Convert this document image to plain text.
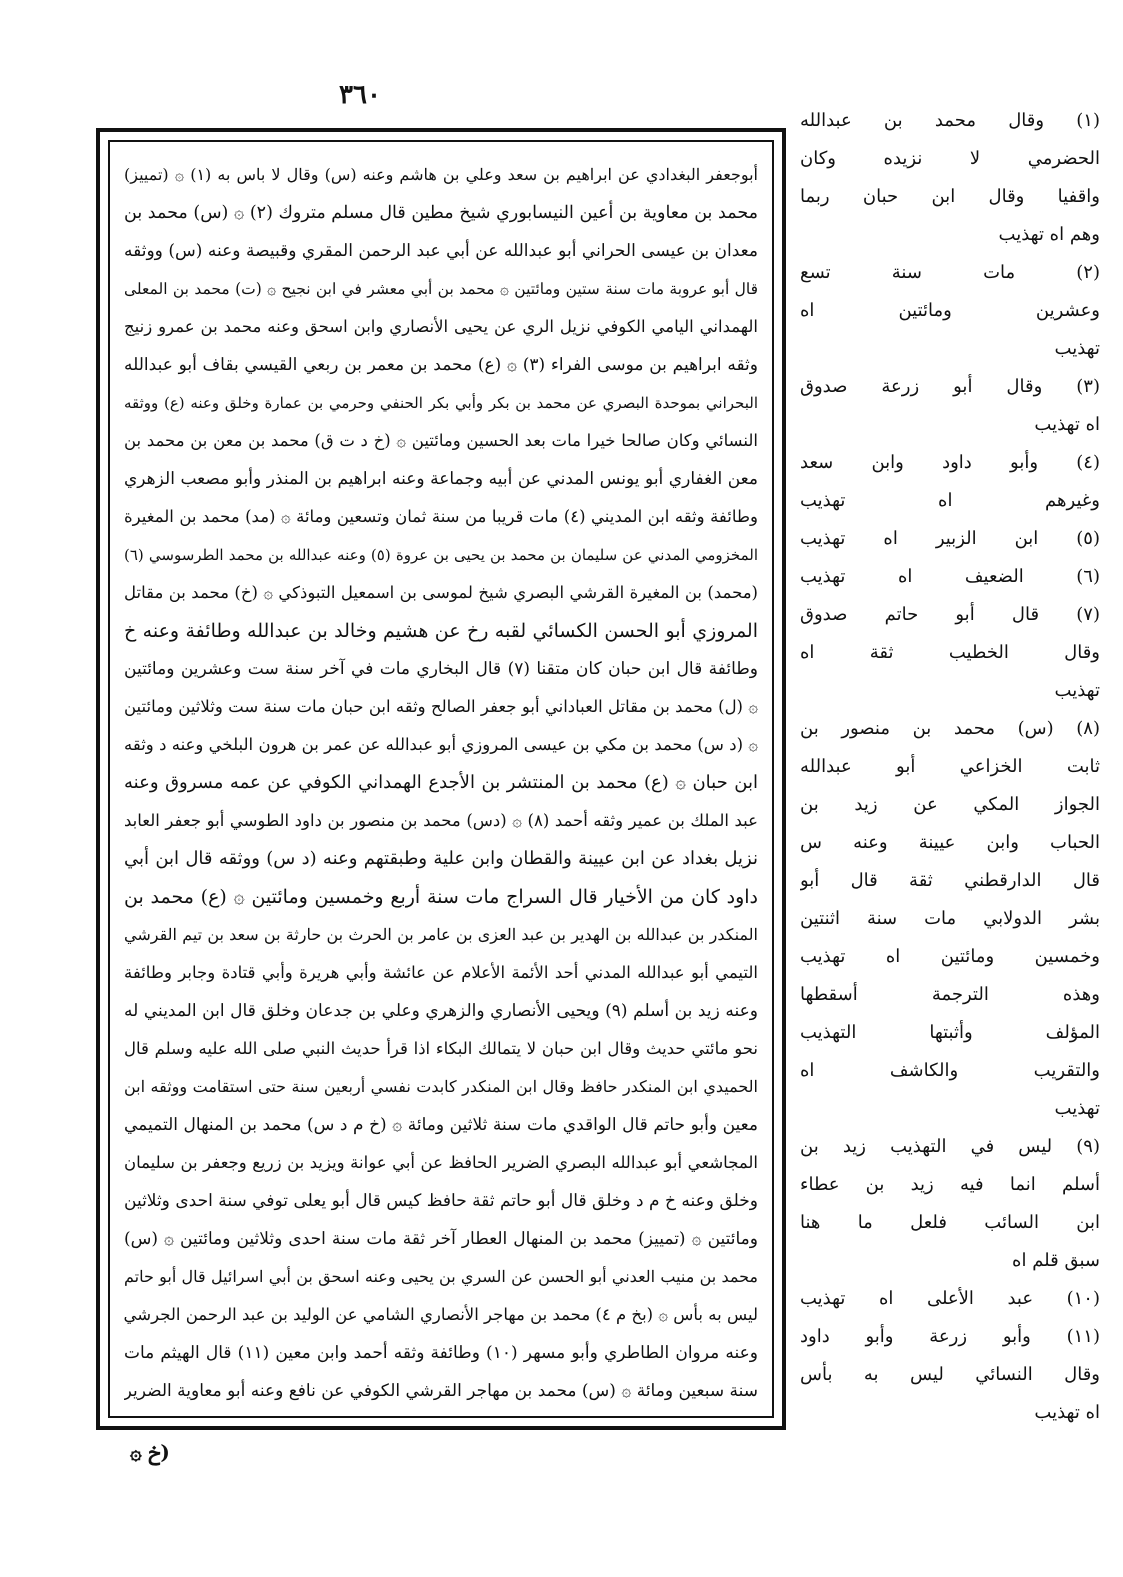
٣٦٠
أبوجعفر البغدادي عن ابراهيم بن سعد وعلي بن هاشم وعنه (س) وقال لا باس به (١) ۞ (تمييز)
محمد بن معاوية بن أعين النيسابوري شيخ مطين قال مسلم متروك (٢) ۞ (س) محمد بن
معدان بن عيسى الحراني أبو عبدالله عن أبي عبد الرحمن المقري وقبيصة وعنه (س) ووثقه
قال أبو عروبة مات سنة ستين ومائتين ۞ محمد بن أبي معشر في ابن نجيح ۞ (ت) محمد بن المعلى
الهمداني اليامي الكوفي نزيل الري عن يحيى الأنصاري وابن اسحق وعنه محمد بن عمرو زنيج
وثقه ابراهيم بن موسى الفراء (٣) ۞ (ع) محمد بن معمر بن ربعي القيسي بقاف أبو عبدالله
البحراني بموحدة البصري عن محمد بن بكر وأبي بكر الحنفي وحرمي بن عمارة وخلق وعنه (ع) ووثقه
النسائي وكان صالحا خيرا مات بعد الحسين ومائتين ۞ (خ د ت ق) محمد بن معن بن محمد بن
معن الغفاري أبو يونس المدني عن أبيه وجماعة وعنه ابراهيم بن المنذر وأبو مصعب الزهري
وطائفة وثقه ابن المديني (٤) مات قريبا من سنة ثمان وتسعين ومائة ۞ (مد) محمد بن المغيرة
المخزومي المدني عن سليمان بن محمد بن يحيى بن عروة (٥) وعنه عبدالله بن محمد الطرسوسي (٦)
(محمد) بن المغيرة القرشي البصري شيخ لموسى بن اسمعيل التبوذكي ۞ (خ) محمد بن مقاتل
المروزي أبو الحسن الكسائي لقبه رخ عن هشيم وخالد بن عبدالله وطائفة وعنه خ
وطائفة قال ابن حبان كان متقنا (٧) قال البخاري مات في آخر سنة ست وعشرين ومائتين
۞ (ل) محمد بن مقاتل العباداني أبو جعفر الصالح وثقه ابن حبان مات سنة ست وثلاثين ومائتين
۞ (د س) محمد بن مكي بن عيسى المروزي أبو عبدالله عن عمر بن هرون البلخي وعنه د وثقه
ابن حبان ۞ (ع) محمد بن المنتشر بن الأجدع الهمداني الكوفي عن عمه مسروق وعنه
عبد الملك بن عمير وثقه أحمد (٨) ۞ (دس) محمد بن منصور بن داود الطوسي أبو جعفر العابد
نزيل بغداد عن ابن عيينة والقطان وابن علية وطبقتهم وعنه (د س) ووثقه قال ابن أبي
داود كان من الأخيار قال السراج مات سنة أربع وخمسين ومائتين ۞ (ع) محمد بن
المنكدر بن عبدالله بن الهدير بن عبد العزى بن عامر بن الحرث بن حارثة بن سعد بن تيم القرشي
التيمي أبو عبدالله المدني أحد الأئمة الأعلام عن عائشة وأبي هريرة وأبي قتادة وجابر وطائفة
وعنه زيد بن أسلم (٩) ويحيى الأنصاري والزهري وعلي بن جدعان وخلق قال ابن المديني له
نحو مائتي حديث وقال ابن حبان لا يتمالك البكاء اذا قرأ حديث النبي صلى الله عليه وسلم قال
الحميدي ابن المنكدر حافظ وقال ابن المنكدر كابدت نفسي أربعين سنة حتى استقامت ووثقه ابن
معين وأبو حاتم قال الواقدي مات سنة ثلاثين ومائة ۞ (خ م د س) محمد بن المنهال التميمي
المجاشعي أبو عبدالله البصري الضرير الحافظ عن أبي عوانة ويزيد بن زريع وجعفر بن سليمان
وخلق وعنه خ م د وخلق قال أبو حاتم ثقة حافظ كيس قال أبو يعلى توفي سنة احدى وثلاثين
ومائتين ۞ (تمييز) محمد بن المنهال العطار آخر ثقة مات سنة احدى وثلاثين ومائتين ۞ (س)
محمد بن منيب العدني أبو الحسن عن السري بن يحيى وعنه اسحق بن أبي اسرائيل قال أبو حاتم
ليس به بأس ۞ (بخ م ٤) محمد بن مهاجر الأنصاري الشامي عن الوليد بن عبد الرحمن الجرشي
وعنه مروان الطاطري وأبو مسهر (١٠) وطائفة وثقه أحمد وابن معين (١١) قال الهيثم مات
سنة سبعين ومائة ۞ (س) محمد بن مهاجر القرشي الكوفي عن نافع وعنه أبو معاوية الضرير
(١) وقال محمد بن عبدالله
الحضرمي لا نزيده وكان
واقفيا وقال ابن حبان ربما
وهم اه تهذيب
(٢) مات سنة تسع
وعشرين ومائتين اه
تهذيب
(٣) وقال أبو زرعة صدوق
اه تهذيب
(٤) وأبو داود وابن سعد
وغيرهم اه تهذيب
(٥) ابن الزبير اه تهذيب
(٦) الضعيف اه تهذيب
(٧) قال أبو حاتم صدوق
وقال الخطيب ثقة اه
تهذيب
(٨) (س) محمد بن منصور بن
ثابت الخزاعي أبو عبدالله
الجواز المكي عن زيد بن
الحباب وابن عيينة وعنه س
قال الدارقطني ثقة قال أبو
بشر الدولابي مات سنة اثنتين
وخمسين ومائتين اه تهذيب
وهذه الترجمة أسقطها
المؤلف وأثبتها التهذيب
والتقريب والكاشف اه
تهذيب
(٩) ليس في التهذيب زيد بن
أسلم انما فيه زيد بن عطاء
ابن السائب فلعل ما هنا
سبق قلم اه
(١٠) عبد الأعلى اه تهذيب
(١١) وأبو زرعة وأبو داود
وقال النسائي ليس به بأس
اه تهذيب
(خ ۞
